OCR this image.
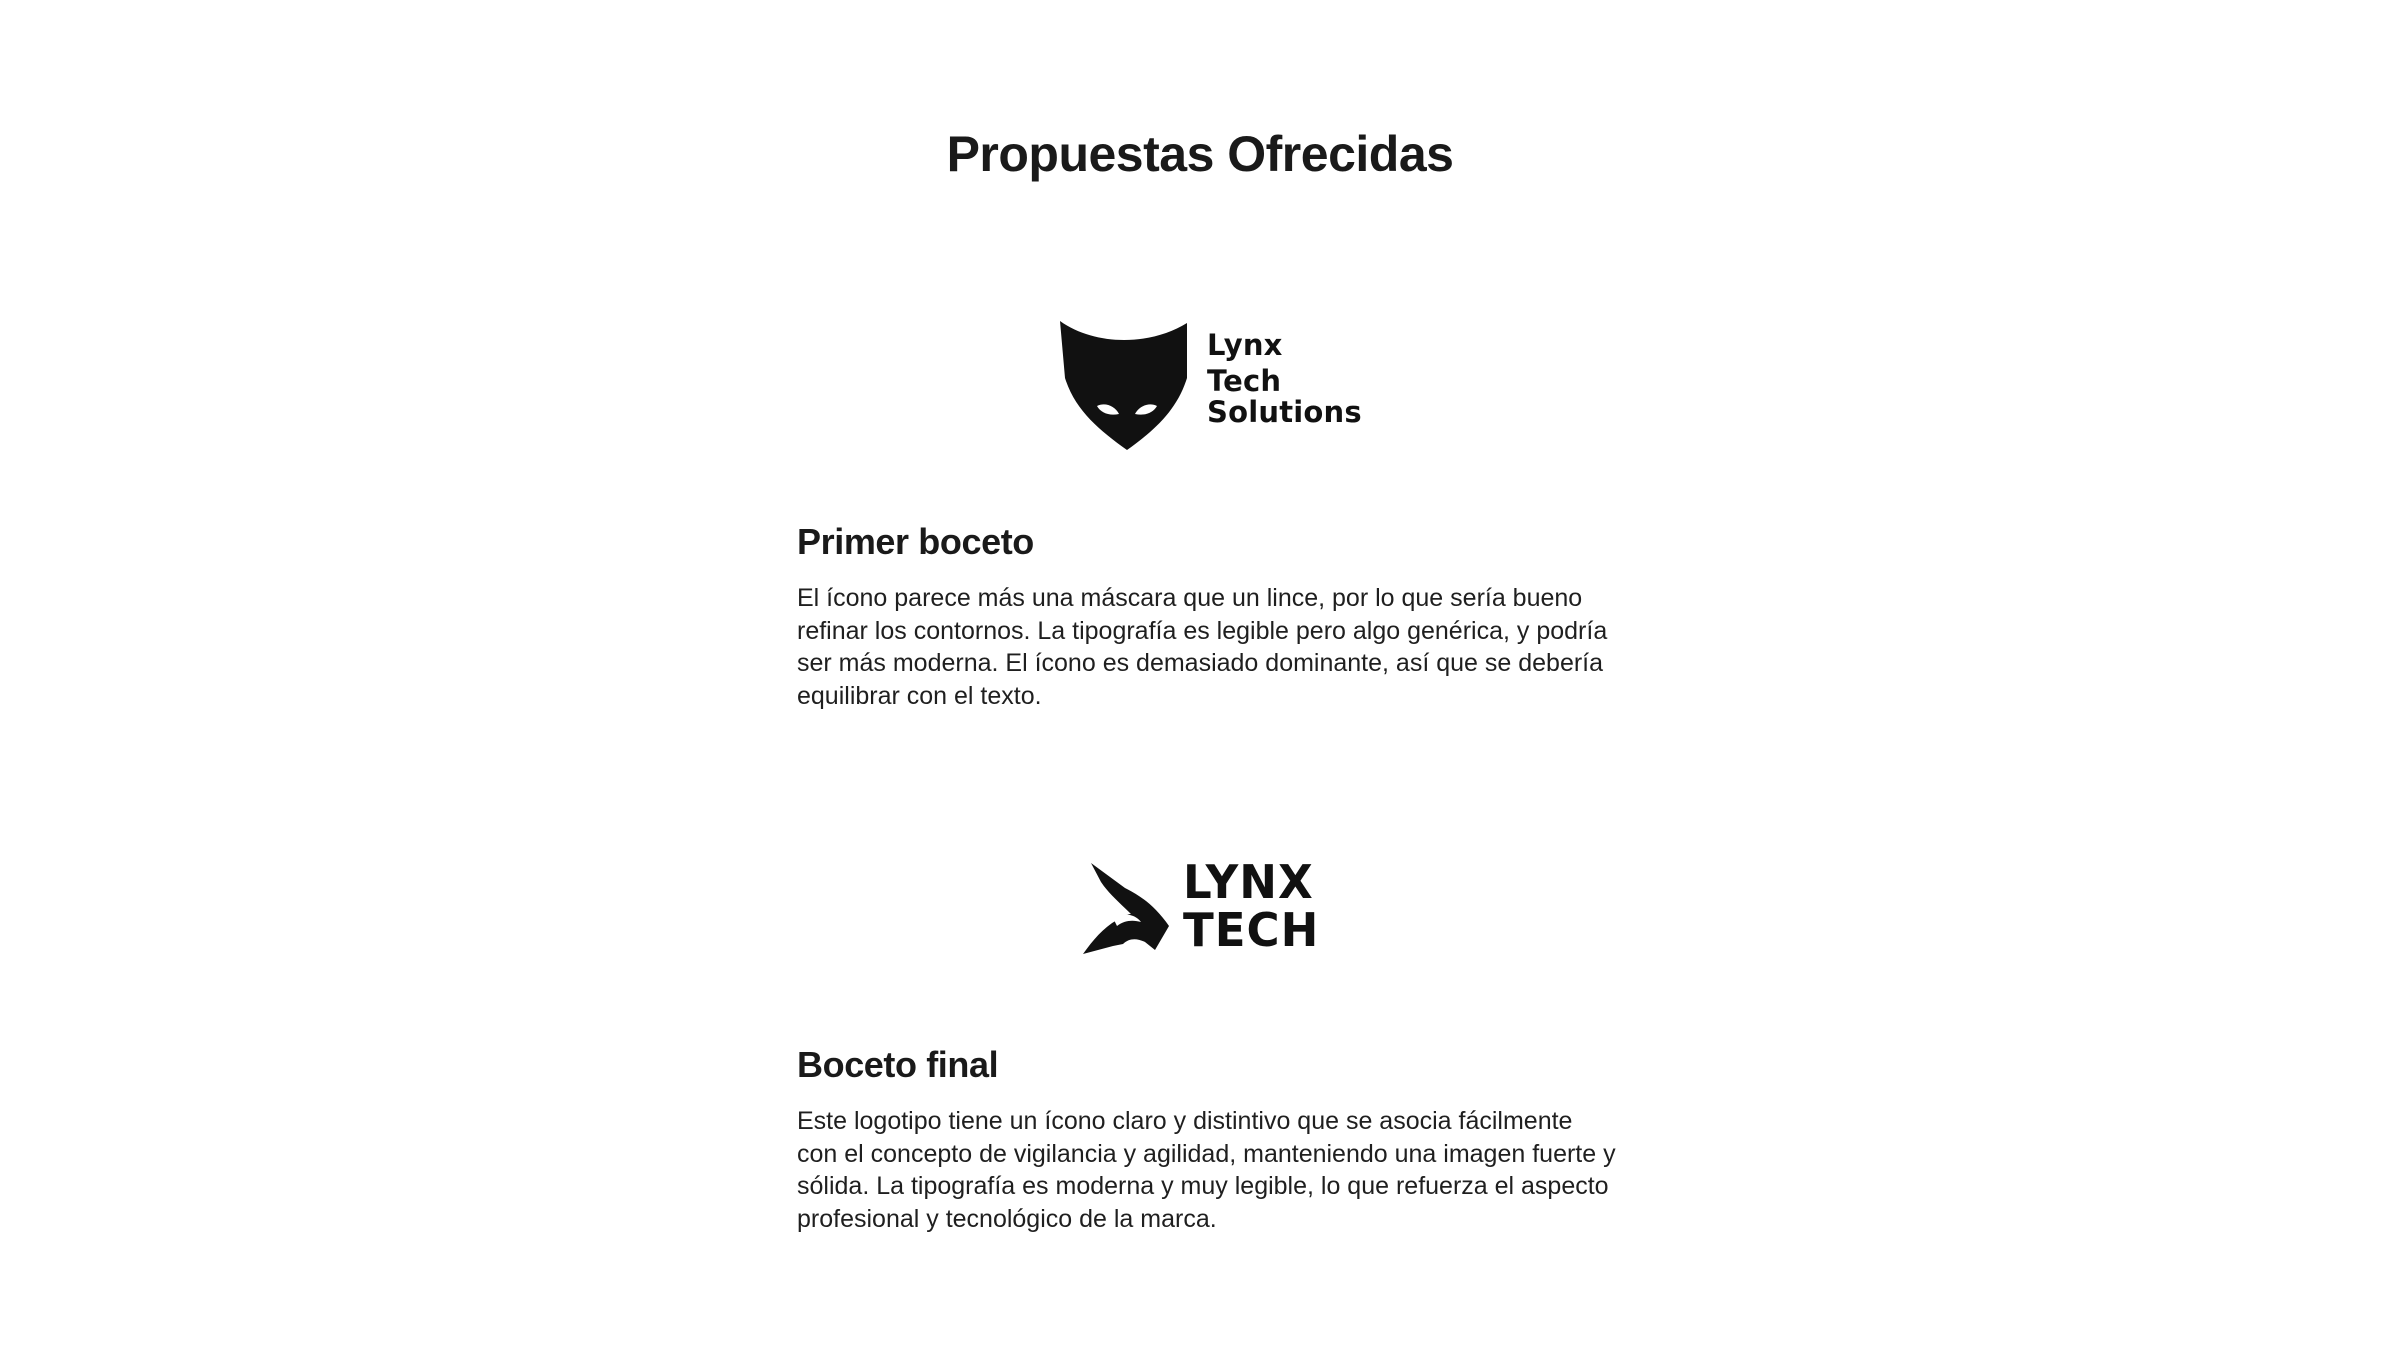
Propuestas Ofrecidas
Lynx
Tech
Solutions
Primer boceto

El ícono parece más una máscara que un lince, por lo que sería bueno refinar los contornos. La tipografía es legible pero algo genérica, y podría ser más moderna. El ícono es demasiado dominante, así que se debería equilibrar con el texto.

LYNX
TECH
Boceto final

Este logotipo tiene un ícono claro y distintivo que se asocia fácilmente con el concepto de vigilancia y agilidad, manteniendo una imagen fuerte y sólida. La tipografía es moderna y muy legible, lo que refuerza el aspecto profesional y tecnológico de la marca.
